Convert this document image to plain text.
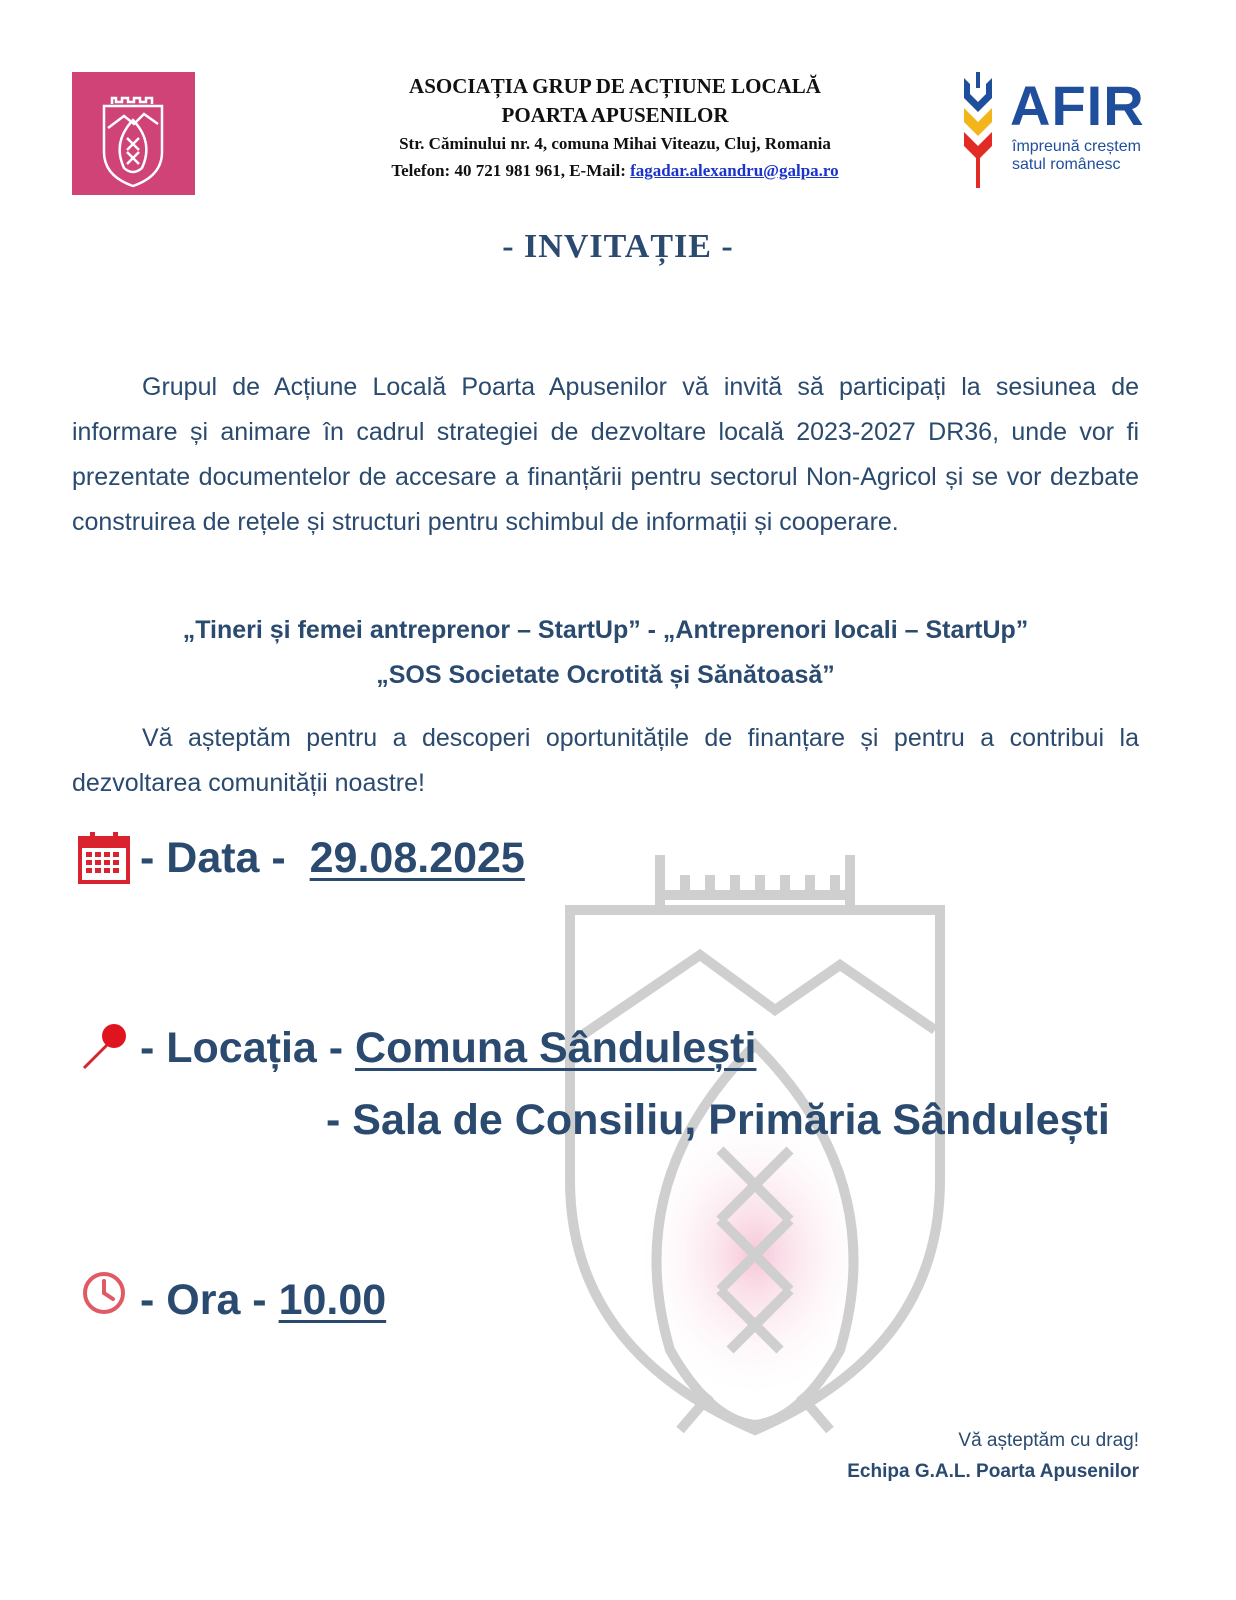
ASOCIAȚIA GRUP DE ACȚIUNE LOCALĂ

POARTA APUSENILOR

Str. Căminului nr. 4, comuna Mihai Viteazu, Cluj, Romania

Telefon: 40 721 981 961, E-Mail: fagadar.alexandru@galpa.ro

AFIR
împreună creștem
satul românesc
- INVITAȚIE -

Grupul de Acțiune Locală Poarta Apusenilor vă invită să participați la sesiunea de informare și animare în cadrul strategiei de dezvoltare locală 2023-2027 DR36, unde vor fi prezentate documentelor de accesare a finanțării pentru sectorul Non-Agricol și se vor dezbate construirea de rețele și structuri pentru schimbul de informații și cooperare.

„Tineri și femei antreprenor – StartUp” - „Antreprenori locali – StartUp”
„SOS Societate Ocrotită și Sănătoasă”

Vă așteptăm pentru a descoperi oportunitățile de finanțare și pentru a contribui la dezvoltarea comunității noastre!

- Data -  29.08.2025
- Locația - Comuna Sândulești
- Sala de Consiliu, Primăria Sândulești
- Ora - 10.00
Vă așteptăm cu drag!
Echipa G.A.L. Poarta Apusenilor
